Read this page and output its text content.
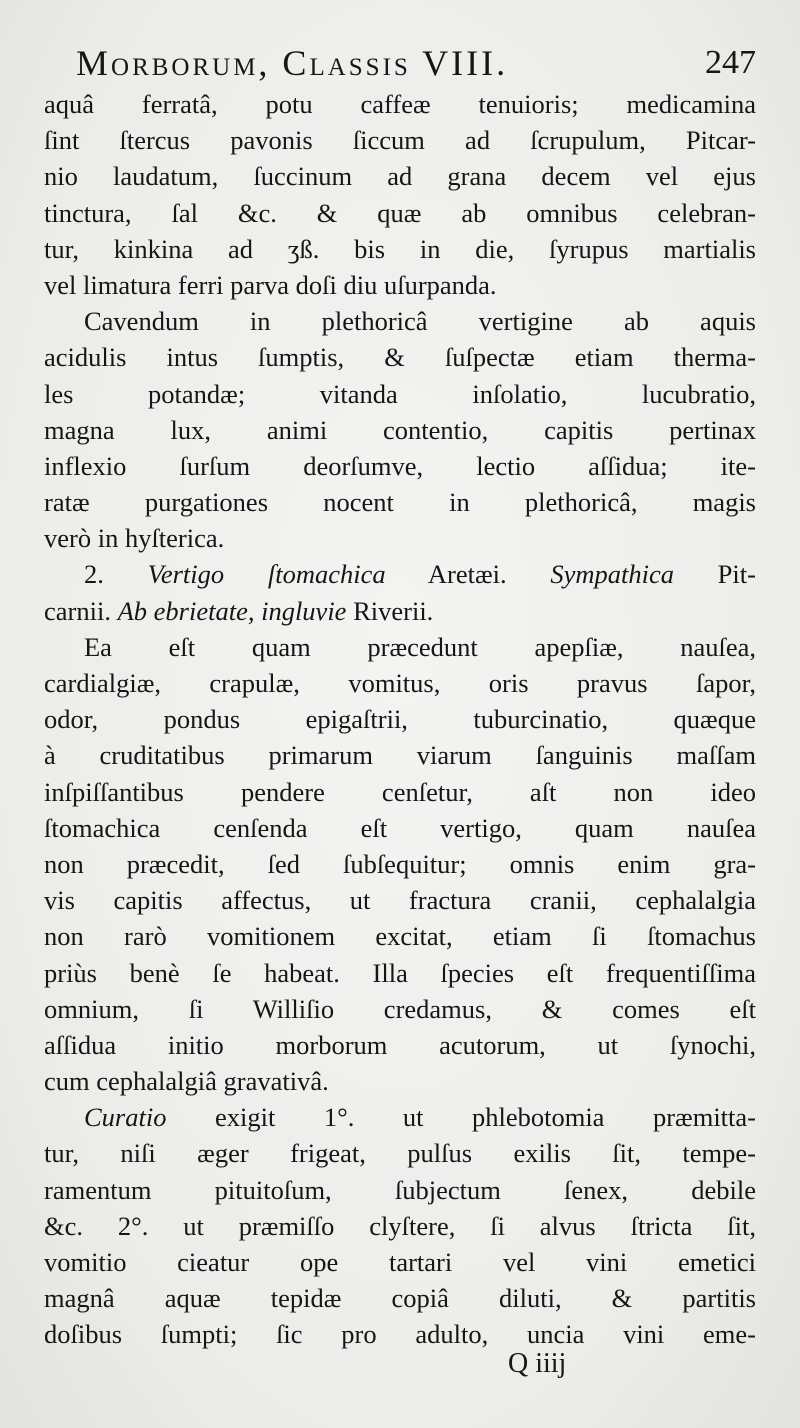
Morborum, Classis VIII.	247
aquâ ferratâ, potu caffeæ tenuioris; medicamina
ſint ſtercus pavonis ſiccum ad ſcrupulum, Pitcar-
nio laudatum, ſuccinum ad grana decem vel ejus
tinctura, ſal &c. & quæ ab omnibus celebran-
tur, kinkina ad ʒß. bis in die, ſyrupus martialis
vel limatura ferri parva doſi diu uſurpanda.
Cavendum in plethoricâ vertigine ab aquis
acidulis intus ſumptis, & ſuſpectæ etiam therma-
les potandæ; vitanda inſolatio, lucubratio,
magna lux, animi contentio, capitis pertinax
inflexio ſurſum deorſumve, lectio aſſidua; ite-
ratæ purgationes nocent in plethoricâ, magis
verò in hyſterica.
2. Vertigo ſtomachica Aretæi. Sympathica Pit-
carnii. Ab ebrietate, ingluvie Riverii.
Ea eſt quam præcedunt apepſiæ, nauſea,
cardialgiæ, crapulæ, vomitus, oris pravus ſapor,
odor, pondus epigaſtrii, tuburcinatio, quæque
à cruditatibus primarum viarum ſanguinis maſſam
inſpiſſantibus pendere cenſetur, aſt non ideo
ſtomachica cenſenda eſt vertigo, quam nauſea
non præcedit, ſed ſubſequitur; omnis enim gra-
vis capitis affectus, ut fractura cranii, cephalalgia
non rarò vomitionem excitat, etiam ſi ſtomachus
priùs benè ſe habeat. Illa ſpecies eſt frequentiſſima
omnium, ſi Williſio credamus, & comes eſt
aſſidua initio morborum acutorum, ut ſynochi,
cum cephalalgiâ gravativâ.
Curatio exigit 1°. ut phlebotomia præmitta-
tur, niſi æger frigeat, pulſus exilis ſit, tempe-
ramentum pituitoſum, ſubjectum ſenex, debile
&c. 2°. ut præmiſſo clyſtere, ſi alvus ſtricta ſit,
vomitio cieatur ope tartari vel vini emetici
magnâ aquæ tepidæ copiâ diluti, & partitis
doſibus ſumpti; ſic pro adulto, uncia vini eme-
Q iiij
